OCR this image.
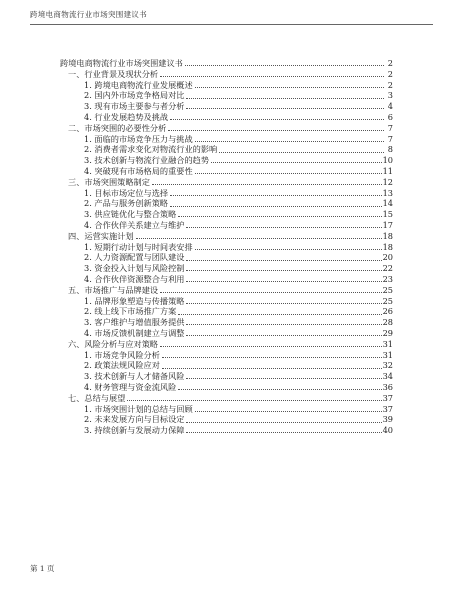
跨境电商物流行业市场突围建议书
跨境电商物流行业市场突围建议书	2
一、行业背景及现状分析	2
1. 跨境电商物流行业发展概述	2
2. 国内外市场竞争格局对比	3
3. 现有市场主要参与者分析	4
4. 行业发展趋势及挑战	6
二、市场突围的必要性分析	7
1. 面临的市场竞争压力与挑战	7
2. 消费者需求变化对物流行业的影响	8
3. 技术创新与物流行业融合的趋势	10
4. 突破现有市场格局的重要性	11
三、市场突围策略制定	12
1. 目标市场定位与选择	13
2. 产品与服务创新策略	14
3. 供应链优化与整合策略	15
4. 合作伙伴关系建立与维护	17
四、运营实施计划	18
1. 短期行动计划与时间表安排	18
2. 人力资源配置与团队建设	20
3. 资金投入计划与风险控制	22
4. 合作伙伴资源整合与利用	23
五、市场推广与品牌建设	25
1. 品牌形象塑造与传播策略	25
2. 线上线下市场推广方案	26
3. 客户维护与增值服务提供	28
4. 市场反馈机制建立与调整	29
六、风险分析与应对策略	31
1. 市场竞争风险分析	31
2. 政策法规风险应对	32
3. 技术创新与人才储备风险	34
4. 财务管理与资金流风险	36
七、总结与展望	37
1. 市场突围计划的总结与回顾	37
2. 未来发展方向与目标设定	39
3. 持续创新与发展动力保障	40
第 1 页
